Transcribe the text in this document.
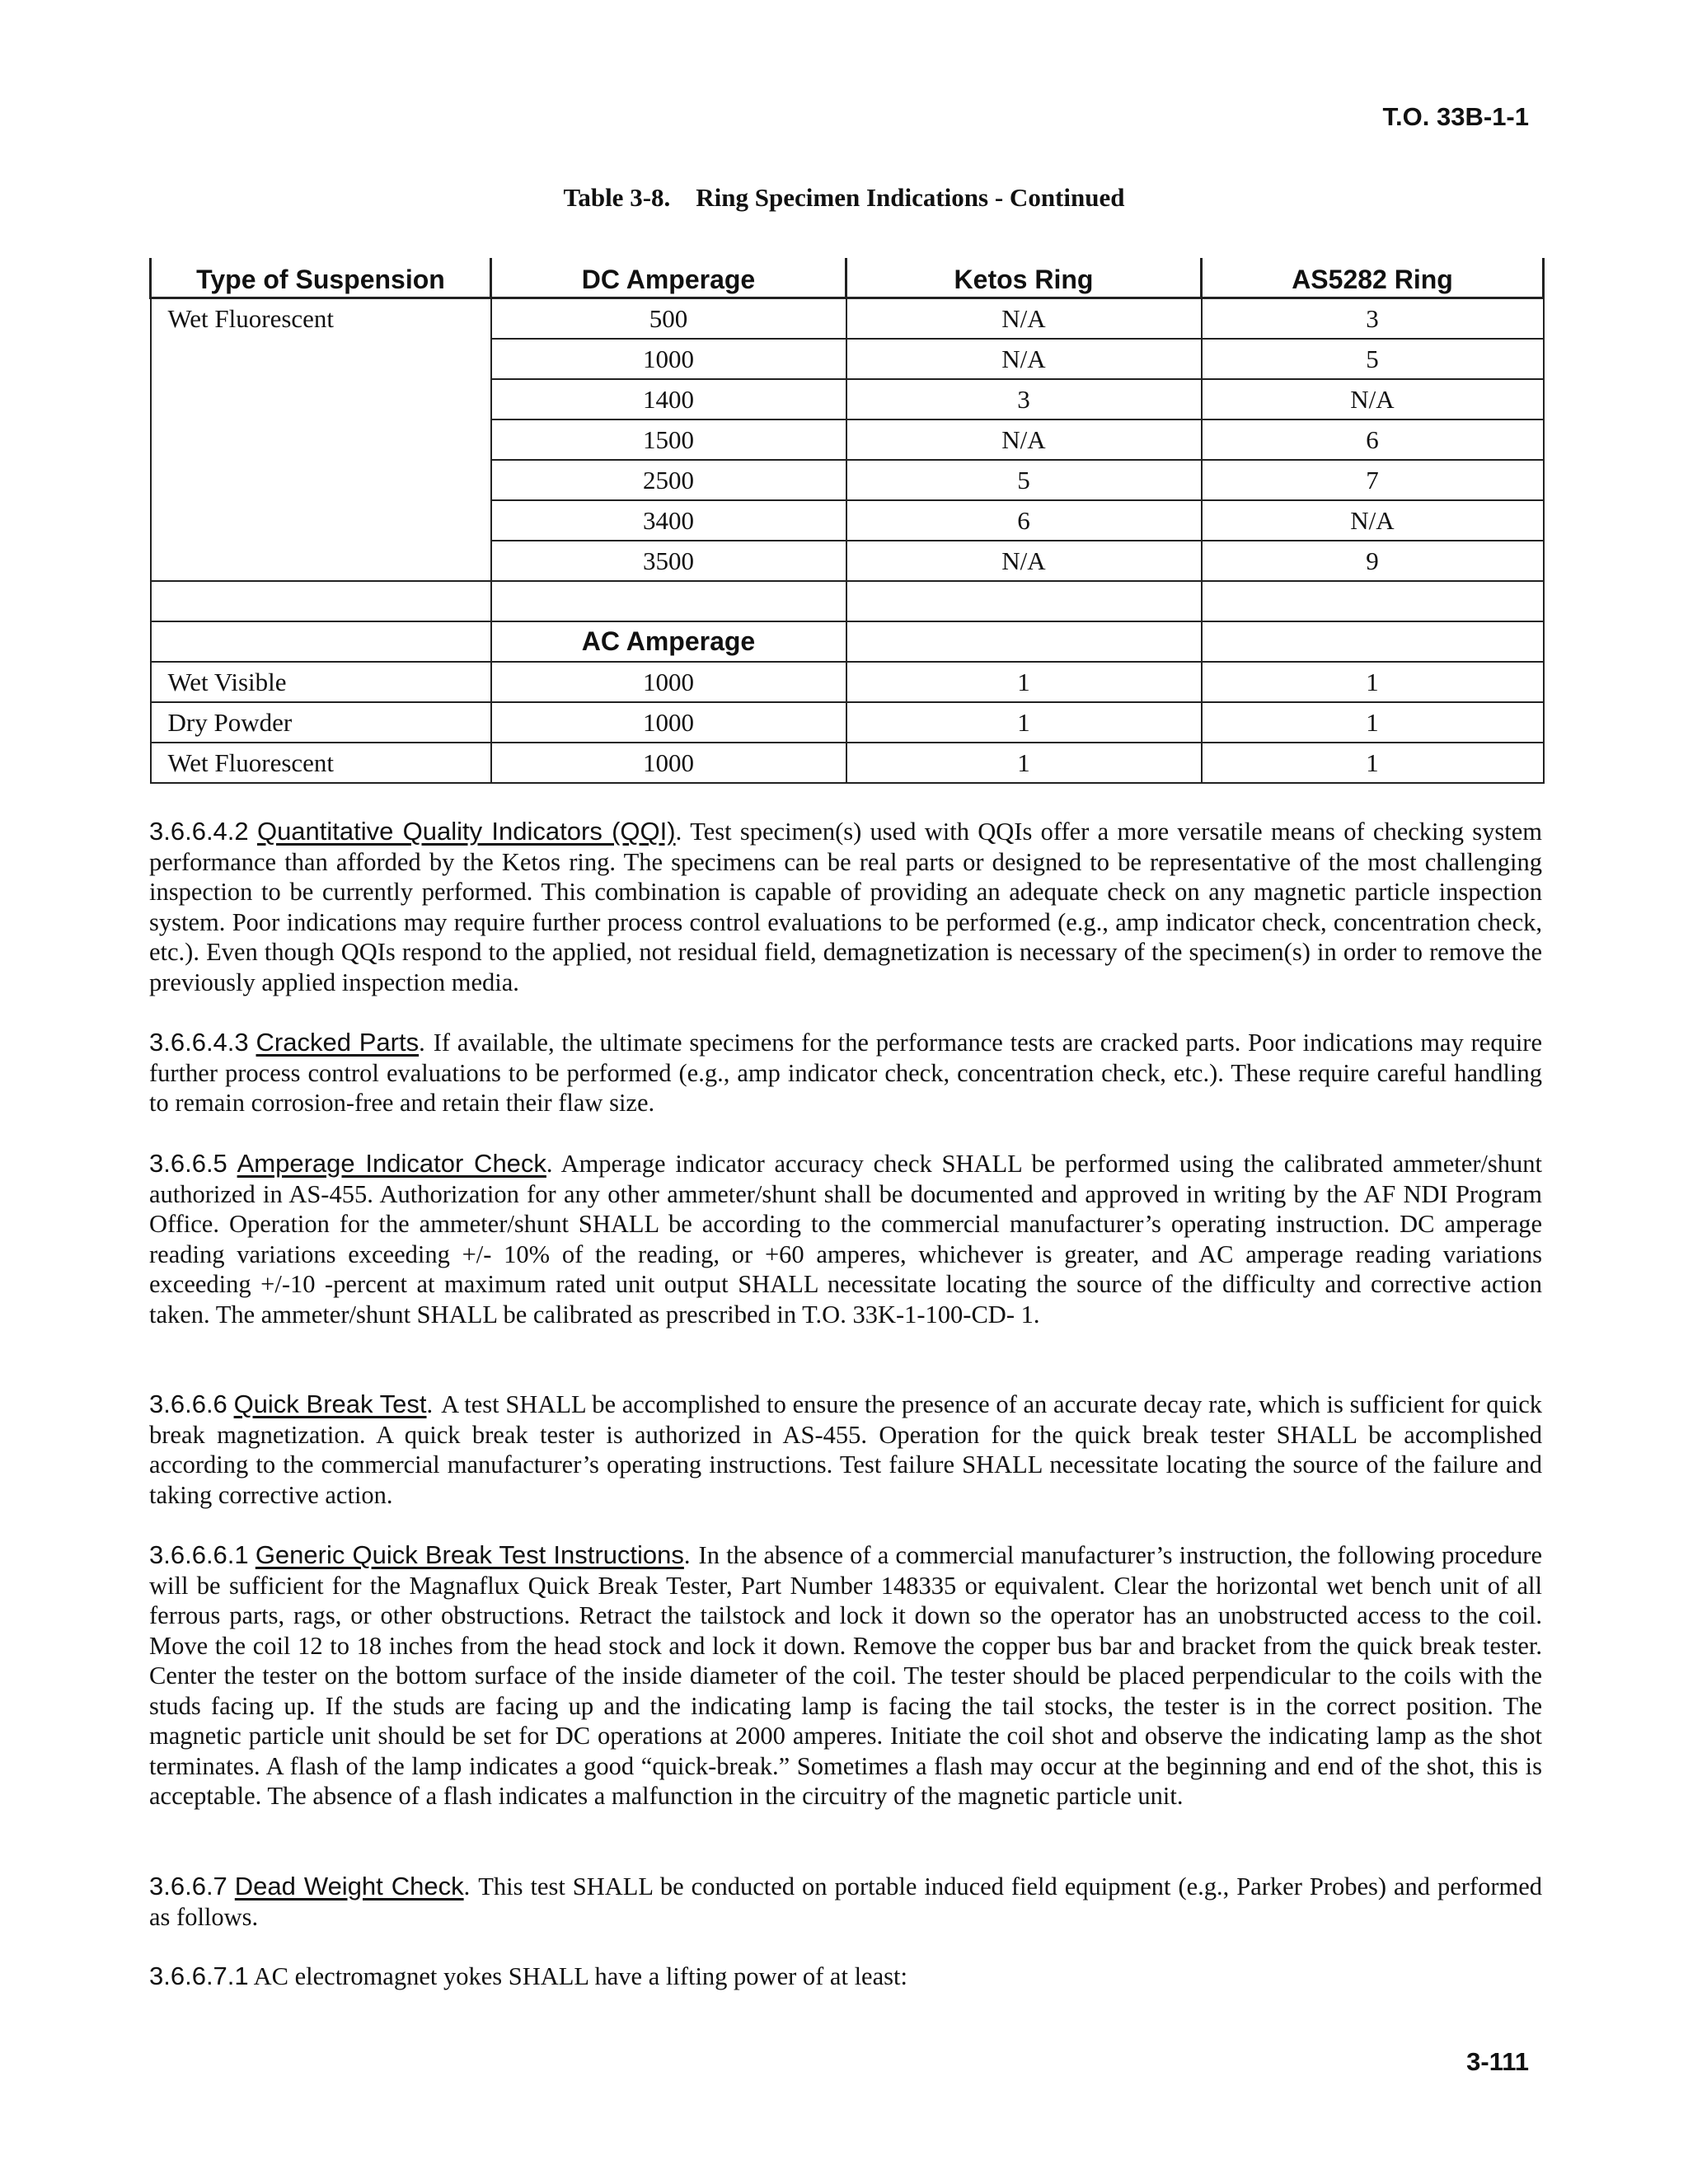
T.O. 33B-1-1
Table 3-8.    Ring Specimen Indications - Continued
Type of Suspension	DC Amperage	Ketos Ring	AS5282 Ring
Wet Fluorescent	500	N/A	3
	1000	N/A	5
	1400	3	N/A
	1500	N/A	6
	2500	5	7
	3400	6	N/A
	3500	N/A	9

	AC Amperage		
Wet Visible	1000	1	1
Dry Powder	1000	1	1
Wet Fluorescent	1000	1	1
3.6.6.4.2 Quantitative Quality Indicators (QQI). Test specimen(s) used with QQIs offer a more versatile means of checking system performance than afforded by the Ketos ring. The specimens can be real parts or designed to be representative of the most challenging inspection to be currently performed. This combination is capable of providing an adequate check on any magnetic particle inspection system. Poor indications may require further process control evaluations to be performed (e.g., amp indicator check, concentration check, etc.). Even though QQIs respond to the applied, not residual field, demagnetization is necessary of the specimen(s) in order to remove the previously applied inspection media.
3.6.6.4.3 Cracked Parts. If available, the ultimate specimens for the performance tests are cracked parts. Poor indications may require further process control evaluations to be performed (e.g., amp indicator check, concentration check, etc.). These require careful handling to remain corrosion-free and retain their flaw size.
3.6.6.5 Amperage Indicator Check. Amperage indicator accuracy check SHALL be performed using the calibrated ammeter/shunt authorized in AS-455. Authorization for any other ammeter/shunt shall be documented and approved in writing by the AF NDI Program Office. Operation for the ammeter/shunt SHALL be according to the commercial manufacturer’s operating instruction. DC amperage reading variations exceeding +/- 10% of the reading, or +60 amperes, whichever is greater, and AC amperage reading variations exceeding +/-10 -percent at maximum rated unit output SHALL necessitate locating the source of the difficulty and corrective action taken. The ammeter/shunt SHALL be calibrated as prescribed in T.O. 33K-1-100-CD- 1.
3.6.6.6 Quick Break Test. A test SHALL be accomplished to ensure the presence of an accurate decay rate, which is sufficient for quick break magnetization. A quick break tester is authorized in AS-455. Operation for the quick break tester SHALL be accomplished according to the commercial manufacturer’s operating instructions. Test failure SHALL necessitate locating the source of the failure and taking corrective action.
3.6.6.6.1 Generic Quick Break Test Instructions. In the absence of a commercial manufacturer’s instruction, the following procedure will be sufficient for the Magnaflux Quick Break Tester, Part Number 148335 or equivalent. Clear the horizontal wet bench unit of all ferrous parts, rags, or other obstructions. Retract the tailstock and lock it down so the operator has an unobstructed access to the coil. Move the coil 12 to 18 inches from the head stock and lock it down. Remove the copper bus bar and bracket from the quick break tester. Center the tester on the bottom surface of the inside diameter of the coil. The tester should be placed perpendicular to the coils with the studs facing up. If the studs are facing up and the indicating lamp is facing the tail stocks, the tester is in the correct position. The magnetic particle unit should be set for DC operations at 2000 amperes. Initiate the coil shot and observe the indicating lamp as the shot terminates. A flash of the lamp indicates a good “quick-break.” Sometimes a flash may occur at the beginning and end of the shot, this is acceptable. The absence of a flash indicates a malfunction in the circuitry of the magnetic particle unit.
3.6.6.7 Dead Weight Check. This test SHALL be conducted on portable induced field equipment (e.g., Parker Probes) and performed as follows.
3.6.6.7.1 AC electromagnet yokes SHALL have a lifting power of at least:
3-111
